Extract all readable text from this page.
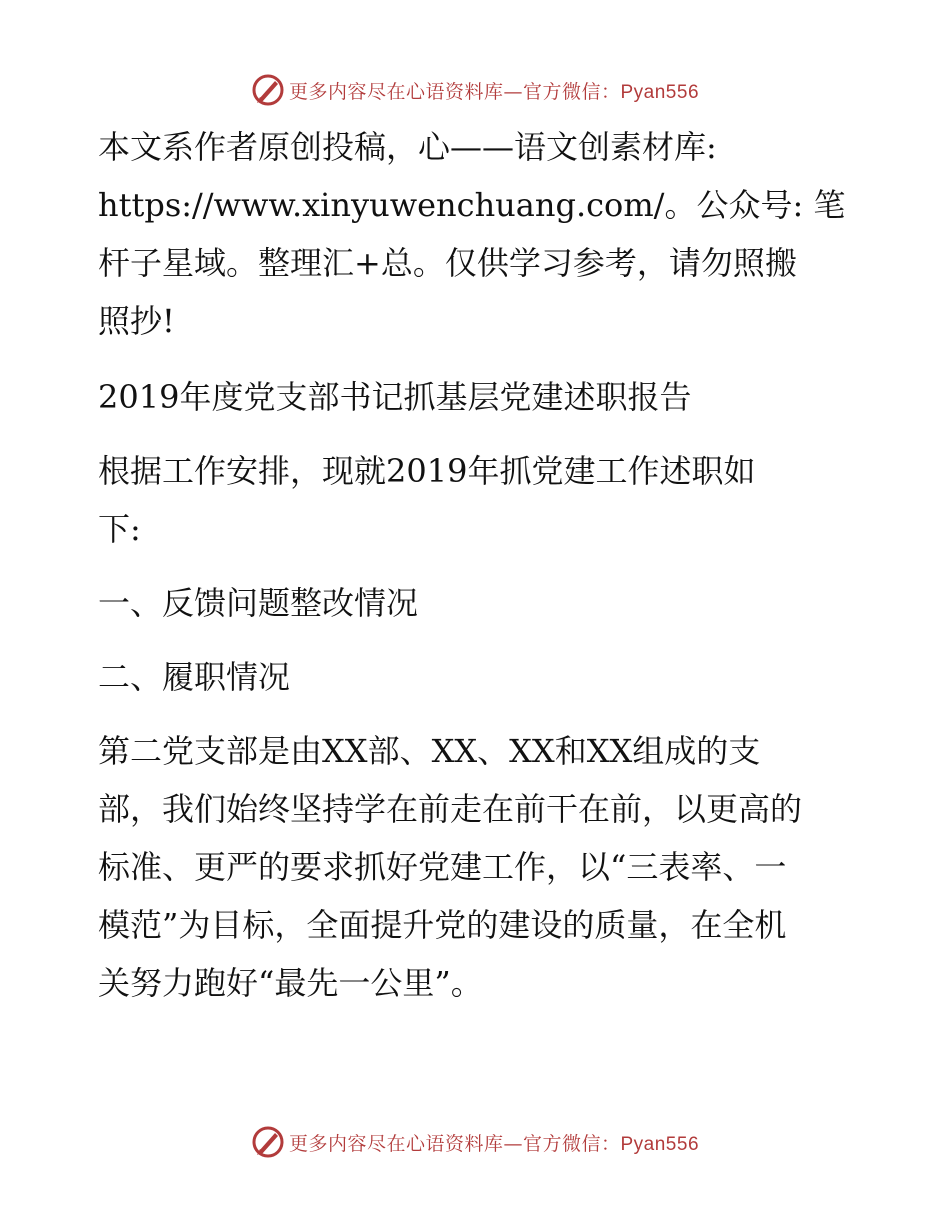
更多内容尽在心语资料库—官方微信：Pyan556
本文系作者原创投稿，心——语文创素材库:
https://www.xinyuwenchuang.com/。公众号: 笔
杆子星域。整理汇+总。仅供学习参考，请勿照搬
照抄!
2019年度党支部书记抓基层党建述职报告
根据工作安排，现就2019年抓党建工作述职如
下:
一、反馈问题整改情况
二、履职情况
第二党支部是由XX部、XX、XX和XX组成的支
部，我们始终坚持学在前走在前干在前，以更高的
标准、更严的要求抓好党建工作，以“三表率、一
模范”为目标，全面提升党的建设的质量，在全机
关努力跑好“最先一公里”。
更多内容尽在心语资料库—官方微信：Pyan556
